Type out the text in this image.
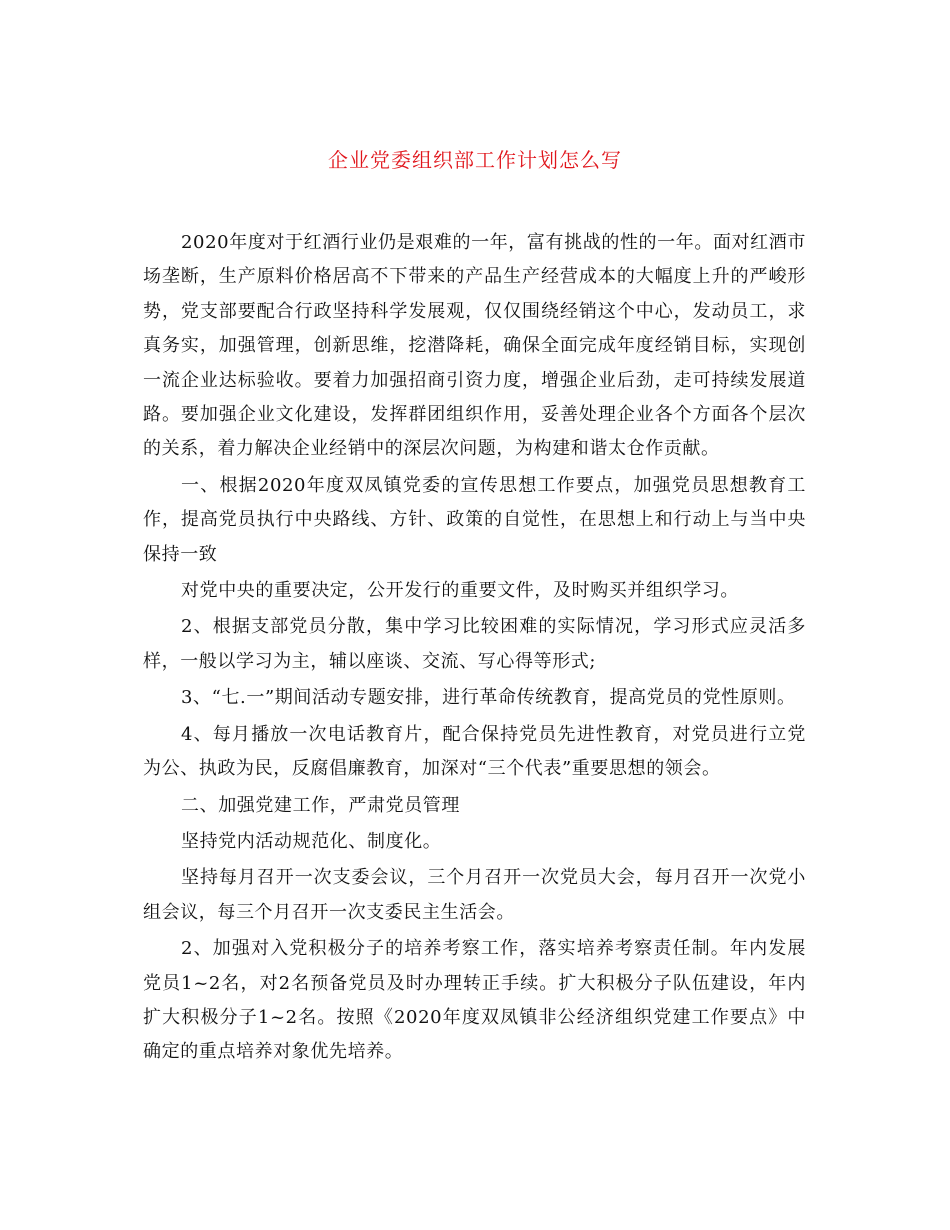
企业党委组织部工作计划怎么写

2020年度对于红酒行业仍是艰难的一年，富有挑战的性的一年。面对红酒市场垄断，生产原料价格居高不下带来的产品生产经营成本的大幅度上升的严峻形势，党支部要配合行政坚持科学发展观，仅仅围绕经销这个中心，发动员工，求真务实，加强管理，创新思维，挖潜降耗，确保全面完成年度经销目标，实现创一流企业达标验收。要着力加强招商引资力度，增强企业后劲，走可持续发展道路。要加强企业文化建设，发挥群团组织作用，妥善处理企业各个方面各个层次的关系，着力解决企业经销中的深层次问题，为构建和谐太仓作贡献。

一、根据2020年度双凤镇党委的宣传思想工作要点，加强党员思想教育工作，提高党员执行中央路线、方针、政策的自觉性，在思想上和行动上与当中央保持一致

对党中央的重要决定，公开发行的重要文件，及时购买并组织学习。

2、根据支部党员分散，集中学习比较困难的实际情况，学习形式应灵活多样，一般以学习为主，辅以座谈、交流、写心得等形式;

3、“七.一”期间活动专题安排，进行革命传统教育，提高党员的党性原则。

4、每月播放一次电话教育片，配合保持党员先进性教育，对党员进行立党为公、执政为民，反腐倡廉教育，加深对“三个代表”重要思想的领会。

二、加强党建工作，严肃党员管理

坚持党内活动规范化、制度化。

坚持每月召开一次支委会议，三个月召开一次党员大会，每月召开一次党小组会议，每三个月召开一次支委民主生活会。

2、加强对入党积极分子的培养考察工作，落实培养考察责任制。年内发展党员1~2名，对2名预备党员及时办理转正手续。扩大积极分子队伍建设，年内扩大积极分子1~2名。按照《2020年度双凤镇非公经济组织党建工作要点》中确定的重点培养对象优先培养。
